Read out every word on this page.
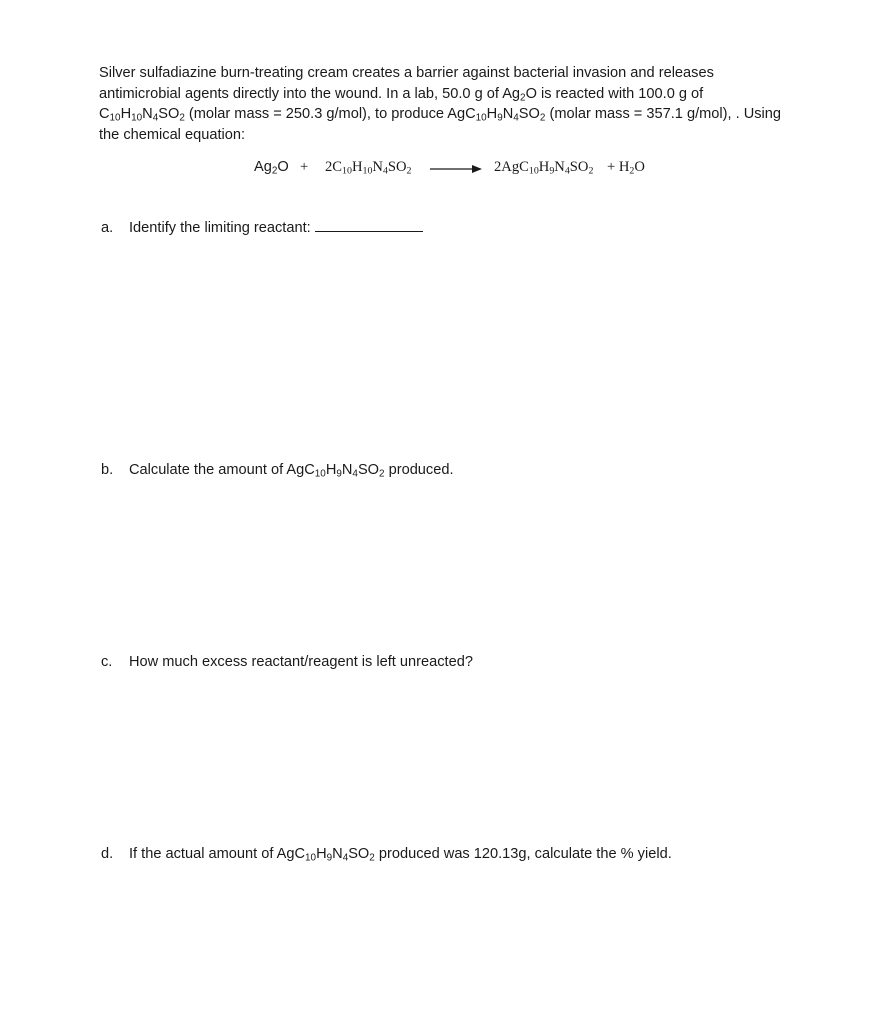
Silver sulfadiazine burn-treating cream creates a barrier against bacterial invasion and releases
antimicrobial agents directly into the wound. In a lab, 50.0 g of $Ag_2O$ is reacted with 100.0 g of
$C_{10}H_{10}N_4SO_2$ (molar mass = 250.3 g/mol), to produce $AgC_{10}H_9N_4SO_2$ (molar mass = 357.1 g/mol), . Using
the chemical equation:

$Ag_2O + 2C_{10}H_{10}N_4SO_2 \to 2AgC_{10}H_9N_4SO_2 + H_2O$
a. Identify the limiting reactant:
b. Calculate the amount of $AgC_{10}H_9N_4SO_2$ produced.
c. How much excess reactant/reagent is left unreacted?
d. If the actual amount of $AgC_{10}H_9N_4SO_2$ produced was 120.13g, calculate the % yield.
